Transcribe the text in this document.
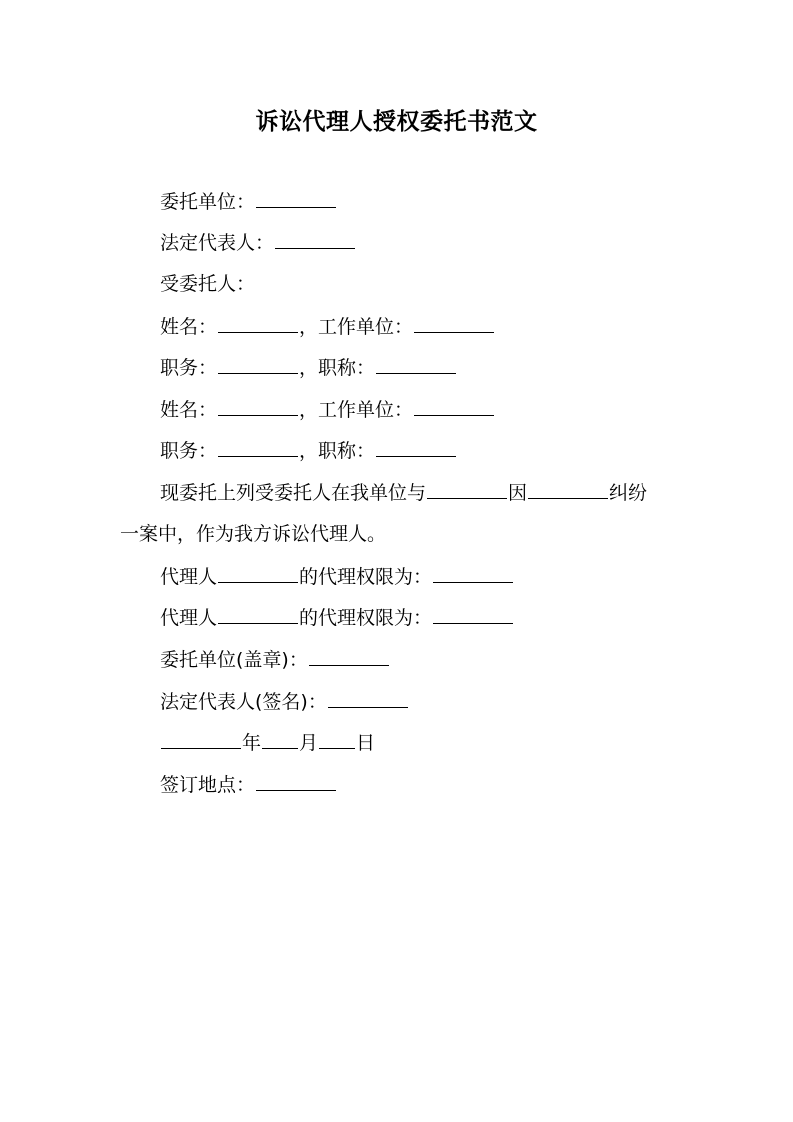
诉讼代理人授权委托书范文
委托单位：
法定代表人：
受委托人：
姓名：	，工作单位：
职务：	，职称：
姓名：	，工作单位：
职务：	，职称：
现委托上列受委托人在我单位与	因	纠纷
一案中，作为我方诉讼代理人。
代理人	的代理权限为：
代理人	的代理权限为：
委托单位(盖章)：
法定代表人(签名)：
年 月 日
签订地点：
